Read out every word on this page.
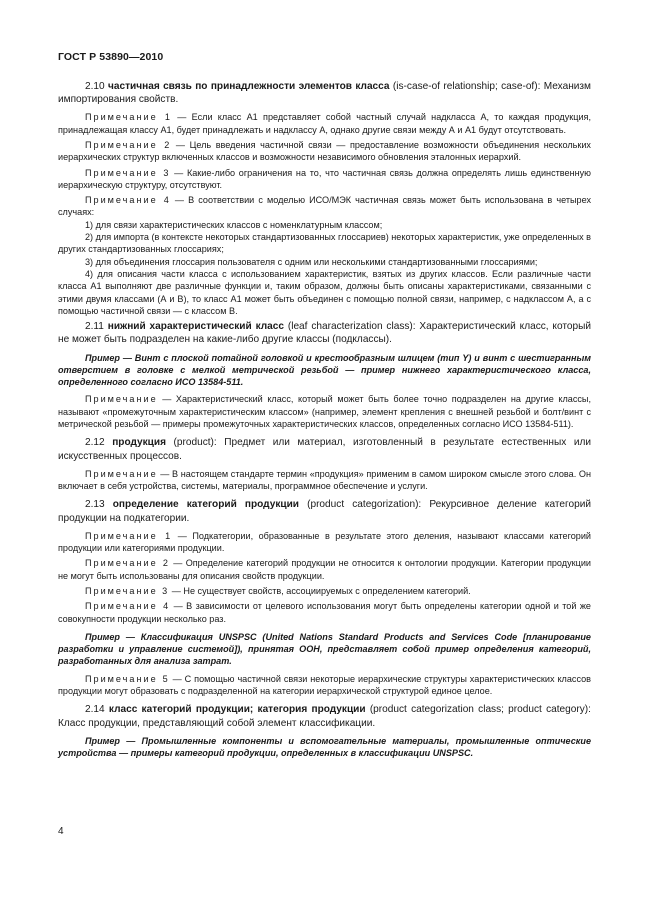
ГОСТ Р 53890—2010

2.10 частичная связь по принадлежности элементов класса (is-case-of relationship; case-of): Механизм импортирования свойств.

Примечание 1 — Если класс А1 представляет собой частный случай надкласса А, то каждая продукция, принадлежащая классу А1, будет принадлежать и надклассу А, однако другие связи между А и А1 будут отсутствовать.

Примечание 2 — Цель введения частичной связи — предоставление возможности объединения нескольких иерархических структур включенных классов и возможности независимого обновления эталонных иерархий.

Примечание 3 — Какие-либо ограничения на то, что частичная связь должна определять лишь единственную иерархическую структуру, отсутствуют.

Примечание 4 — В соответствии с моделью ИСО/МЭК частичная связь может быть использована в четырех случаях:

1) для связи характеристических классов с номенклатурным классом;

2) для импорта (в контексте некоторых стандартизованных глоссариев) некоторых характеристик, уже определенных в других стандартизованных глоссариях;

3) для объединения глоссария пользователя с одним или несколькими стандартизованными глоссариями;

4) для описания части класса с использованием характеристик, взятых из других классов. Если различные части класса А1 выполняют две различные функции и, таким образом, должны быть описаны характеристиками, связанными с этими двумя классами (А и В), то класс А1 может быть объединен с помощью полной связи, например, с надклассом А, а с помощью частичной связи — с классом В.

2.11 нижний характеристический класс (leaf characterization class): Характеристический класс, который не может быть подразделен на какие-либо другие классы (подклассы).

Пример — Винт с плоской потайной головкой и крестообразным шлицем (тип Y) и винт с шестигранным отверстием в головке с мелкой метрической резьбой — пример нижнего характеристического класса, определенного согласно ИСО 13584-511.

Примечание — Характеристический класс, который может быть более точно подразделен на другие классы, называют «промежуточным характеристическим классом» (например, элемент крепления с внешней резьбой и болт/винт с метрической резьбой — примеры промежуточных характеристических классов, определенных согласно ИСО 13584-511).

2.12 продукция (product): Предмет или материал, изготовленный в результате естественных или искусственных процессов.

Примечание — В настоящем стандарте термин «продукция» применим в самом широком смысле этого слова. Он включает в себя устройства, системы, материалы, программное обеспечение и услуги.

2.13 определение категорий продукции (product categorization): Рекурсивное деление категорий продукции на подкатегории.

Примечание 1 — Подкатегории, образованные в результате этого деления, называют классами категорий продукции или категориями продукции.

Примечание 2 — Определение категорий продукции не относится к онтологии продукции. Категории продукции не могут быть использованы для описания свойств продукции.

Примечание 3 — Не существует свойств, ассоциируемых с определением категорий.

Примечание 4 — В зависимости от целевого использования могут быть определены категории одной и той же совокупности продукции несколько раз.

Пример — Классификация UNSPSC (United Nations Standard Products and Services Code [планирование разработки и управление системой]), принятая ООН, представляет собой пример определения категорий, разработанных для анализа затрат.

Примечание 5 — С помощью частичной связи некоторые иерархические структуры характеристических классов продукции могут образовать с подразделенной на категории иерархической структурой единое целое.

2.14 класс категорий продукции; категория продукции (product categorization class; product category): Класс продукции, представляющий собой элемент классификации.

Пример — Промышленные компоненты и вспомогательные материалы, промышленные оптические устройства — примеры категорий продукции, определенных в классификации UNSPSC.

4
